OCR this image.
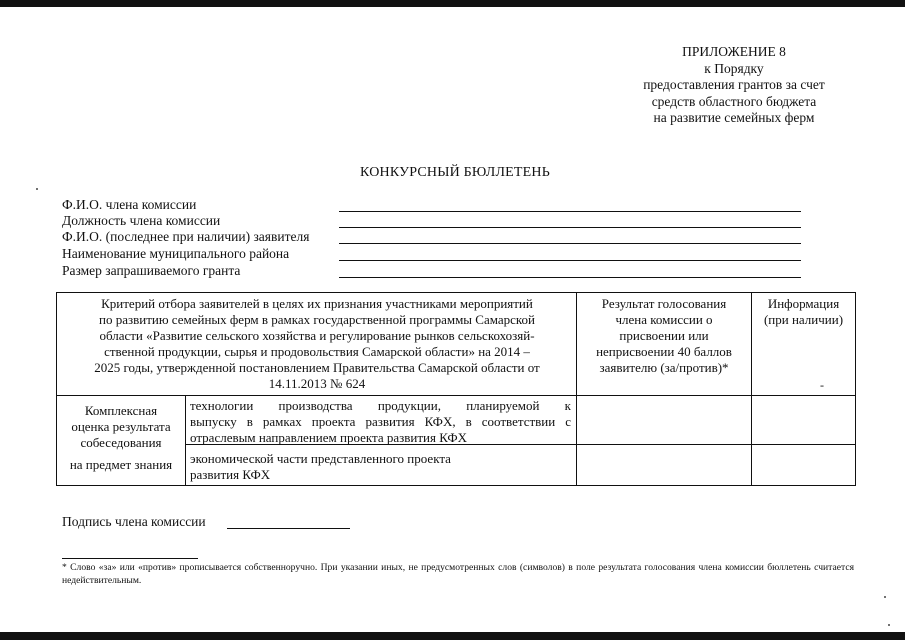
ПРИЛОЖЕНИЕ 8
к Порядку
предоставления грантов за счет
средств областного бюджета
на развитие семейных ферм
КОНКУРСНЫЙ БЮЛЛЕТЕНЬ
Ф.И.О. члена комиссии
Должность члена комиссии
Ф.И.О. (последнее при наличии) заявителя
Наименование муниципального района
Размер запрашиваемого гранта
Критерий отбора заявителей в целях их признания участниками мероприятий
по развитию семейных ферм в рамках государственной программы Самарской
области «Развитие сельского хозяйства и регулирование рынков сельскохозяй-
ственной продукции, сырья и продовольствия Самарской области» на 2014 –
2025 годы, утвержденной постановлением Правительства Самарской области от
14.11.2013 № 624
Результат голосования
члена комиссии о
присвоении или
неприсвоении 40 баллов
заявителю (за/против)*
Информация
(при наличии)
-
Комплексная
оценка результата
собеседования
на предмет знания
технологии производства продукции, планируемой к
выпуску в рамках проекта развития КФХ, в соответствии с
отраслевым направлением проекта развития КФХ
экономической части представленного проекта
развития КФХ
Подпись члена комиссии
* Слово «за» или «против» прописывается собственноручно. При указании иных, не предусмотренных слов (символов) в поле результата голосования члена комиссии бюллетень считается недействительным.
